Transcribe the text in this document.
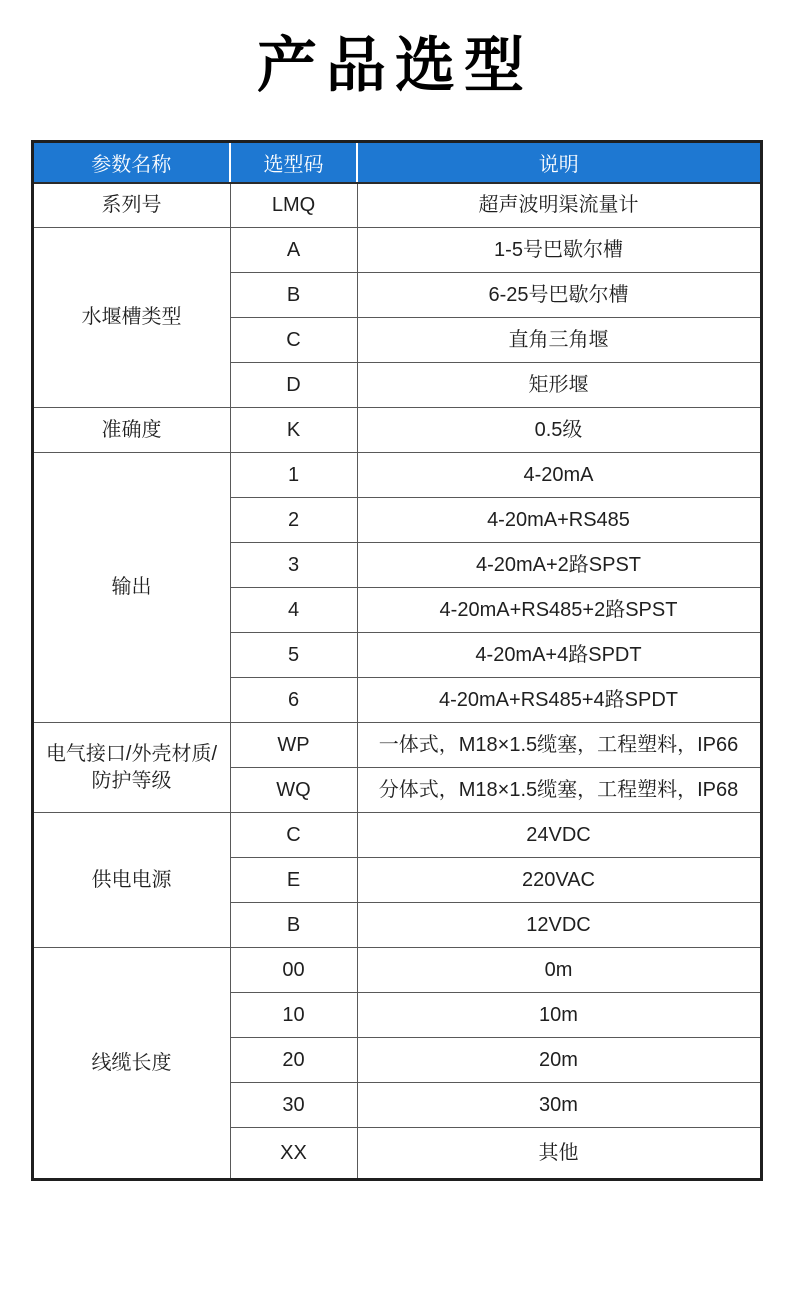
产品选型
参数名称	选型码	说明
系列号	LMQ	超声波明渠流量计
水堰槽类型	A	1-5号巴歇尔槽
	B	6-25号巴歇尔槽
	C	直角三角堰
	D	矩形堰
准确度	K	0.5级
输出	1	4-20mA
	2	4-20mA+RS485
	3	4-20mA+2路SPST
	4	4-20mA+RS485+2路SPST
	5	4-20mA+4路SPDT
	6	4-20mA+RS485+4路SPDT
电气接口/外壳材质/防护等级	WP	一体式，M18×1.5缆塞，工程塑料，IP66
	WQ	分体式，M18×1.5缆塞，工程塑料，IP68
供电电源	C	24VDC
	E	220VAC
	B	12VDC
线缆长度	00	0m
	10	10m
	20	20m
	30	30m
	XX	其他
